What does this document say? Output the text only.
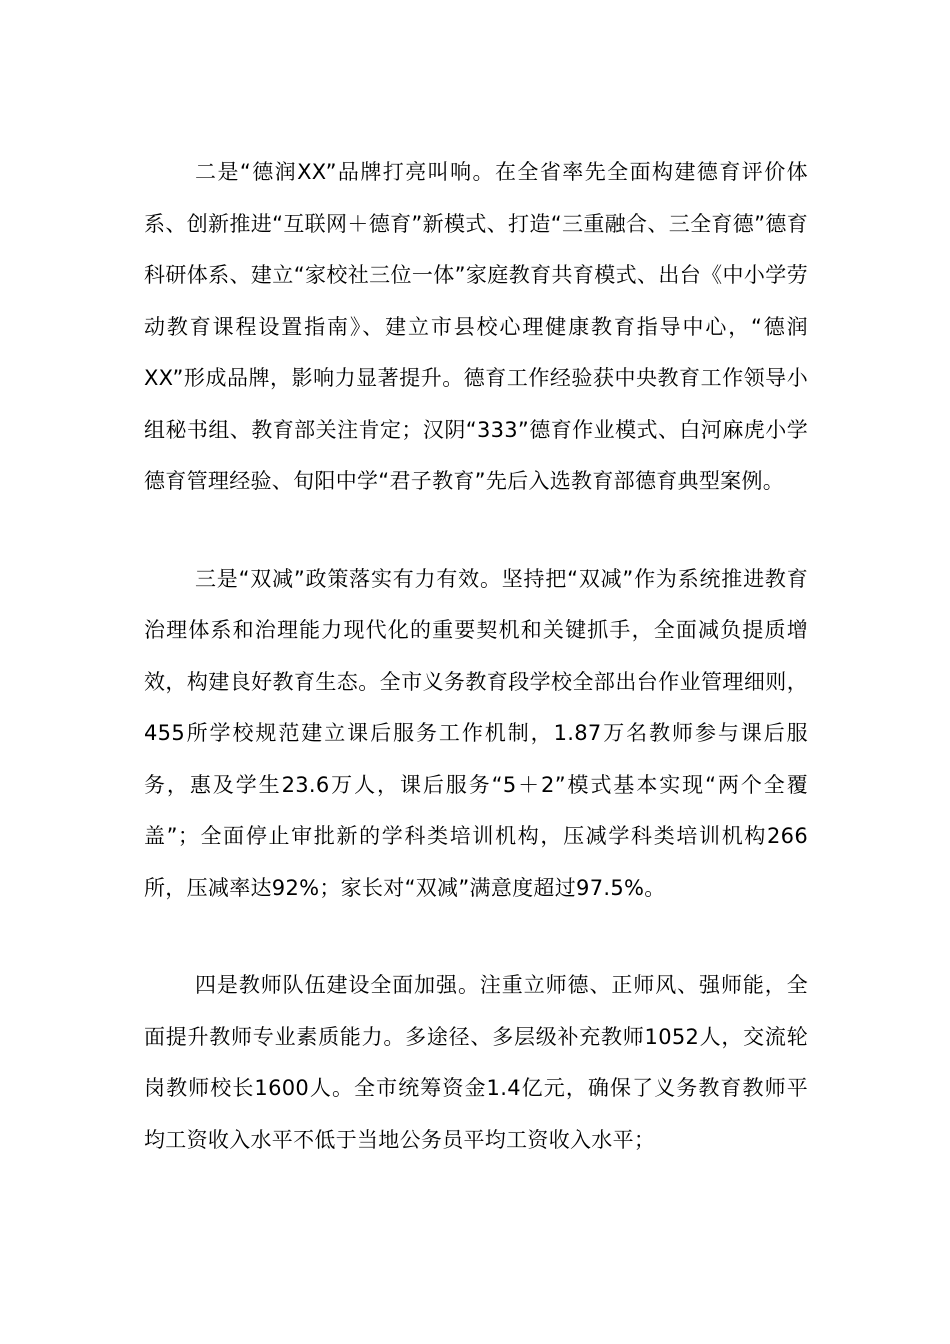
二是“德润XX”品牌打亮叫响。在全省率先全面构建德育评价体系、创新推进“互联网＋德育”新模式、打造“三重融合、三全育德”德育科研体系、建立“家校社三位一体”家庭教育共育模式、出台《中小学劳动教育课程设置指南》、建立市县校心理健康教育指导中心，“德润XX”形成品牌，影响力显著提升。德育工作经验获中央教育工作领导小组秘书组、教育部关注肯定；汉阴“333”德育作业模式、白河麻虎小学德育管理经验、旬阳中学“君子教育”先后入选教育部德育典型案例。

三是“双减”政策落实有力有效。坚持把“双减”作为系统推进教育治理体系和治理能力现代化的重要契机和关键抓手，全面减负提质增效，构建良好教育生态。全市义务教育段学校全部出台作业管理细则，455所学校规范建立课后服务工作机制，1.87万名教师参与课后服务，惠及学生23.6万人，课后服务“5＋2”模式基本实现“两个全覆盖”；全面停止审批新的学科类培训机构，压减学科类培训机构266所，压减率达92%；家长对“双减”满意度超过97.5%。

四是教师队伍建设全面加强。注重立师德、正师风、强师能，全面提升教师专业素质能力。多途径、多层级补充教师1052人，交流轮岗教师校长1600人。全市统筹资金1.4亿元，确保了义务教育教师平均工资收入水平不低于当地公务员平均工资收入水平；
